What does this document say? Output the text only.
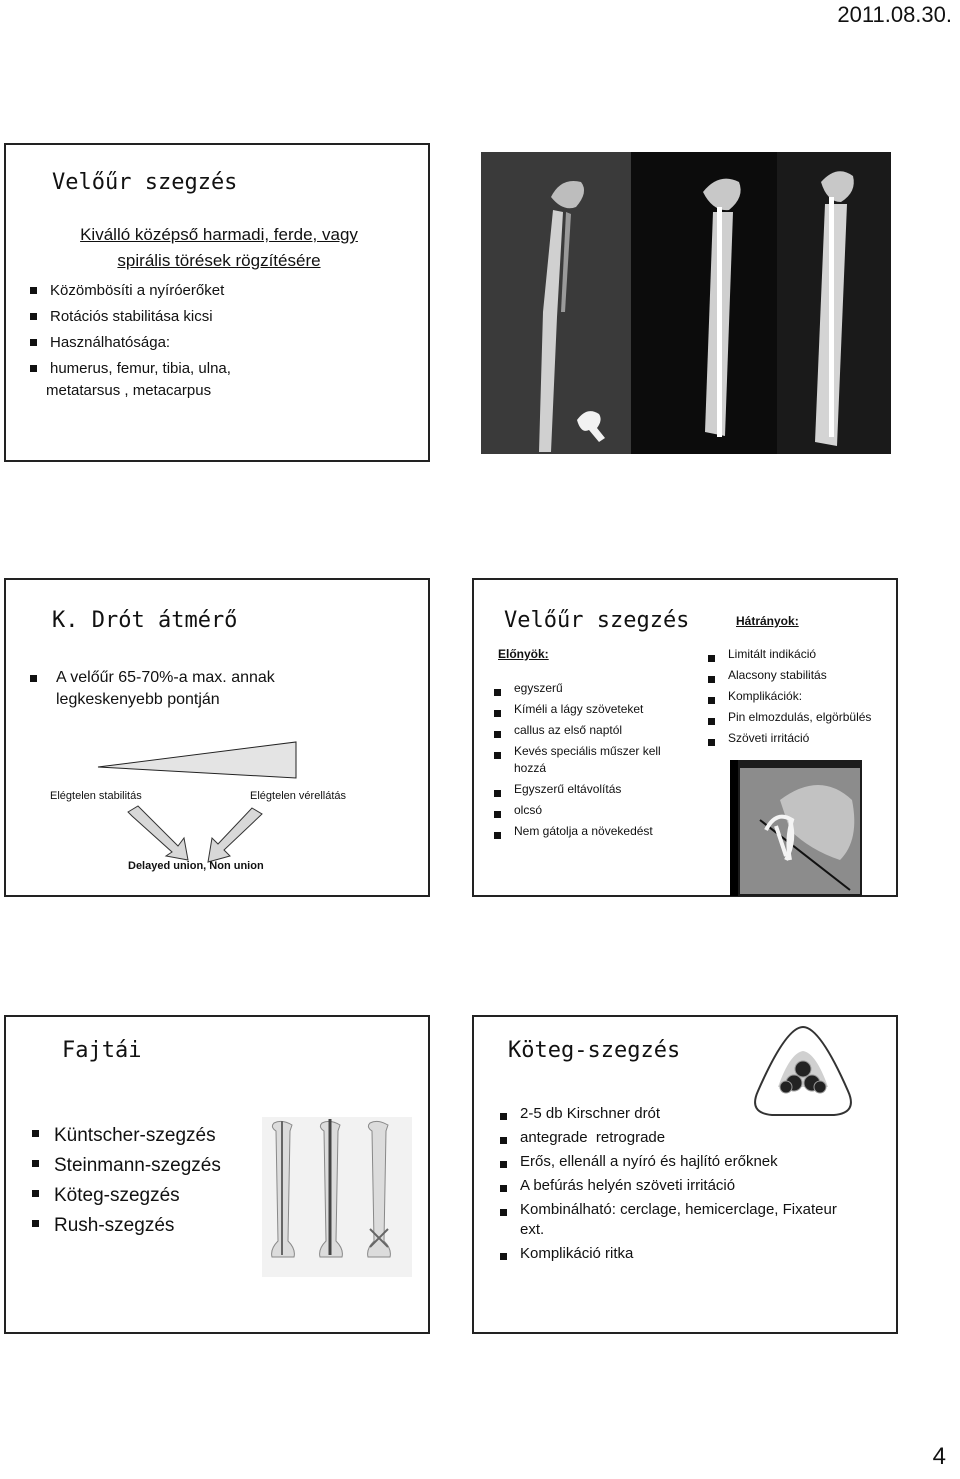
2011.08.30.
Velőűr szegzés
Kiválló középső harmadi, ferde, vagy
spirális törések rögzítésére
Közömbösíti a nyíróerőket
Rotációs stabilitása kicsi
Használhatósága:
humerus, femur, tibia, ulna,
metatarsus , metacarpus
K. Drót átmérő
A velőűr 65-70%-a max. annak
legkeskenyebb pontján
Elégtelen stabilitás	Elégtelen vérellátás
Delayed union, Non union
Velőűr szegzés	Hátrányok:
Előnyök:
egyszerű
Kíméli a lágy szöveteket
callus az első naptól
Kevés speciális műszer kell hozzá
Egyszerű eltávolítás
olcsó
Nem gátolja a növekedést
Limitált indikáció
Alacsony stabilitás
Komplikációk:
Pin elmozdulás, elgörbülés
Szöveti irritáció
Fajtái
Küntscher-szegzés
Steinmann-szegzés
Köteg-szegzés
Rush-szegzés
Köteg-szegzés
2-5 db Kirschner drót
antegrade  retrograde
Erős, ellenáll a nyíró és hajlító erőknek
A befúrás helyén szöveti irritáció
Kombinálható: cerclage, hemicerclage, Fixateur ext.
Komplikáció ritka
4
